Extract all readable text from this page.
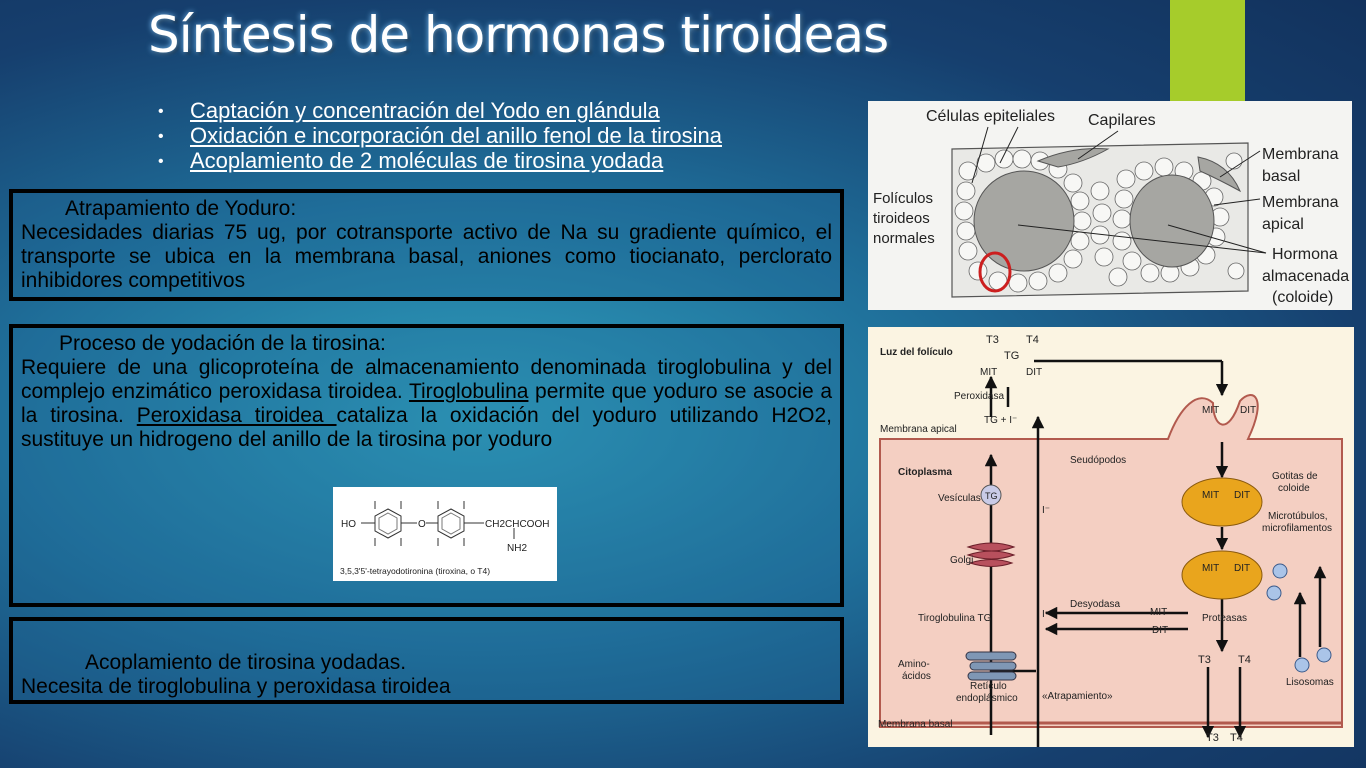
Síntesis de hormonas tiroideas
• Captación y concentración del Yodo en glándula
• Oxidación e incorporación del anillo fenol de la tirosina
• Acoplamiento de 2 moléculas de tirosina yodada
Atrapamiento de Yoduro:

Necesidades diarias 75 ug, por cotransporte activo de Na su gradiente químico, el transporte se ubica en la membrana basal, aniones como tiocianato, perclorato inhibidores competitivos

Proceso de yodación de la tirosina:

Requiere de una glicoproteína de almacenamiento denominada tiroglobulina y del complejo enzimático peroxidasa tiroidea. Tiroglobulina permite que yoduro se asocie a la tirosina. Peroxidasa tiroidea cataliza la oxidación del yoduro utilizando H2O2, sustituye un hidrogeno del anillo de la tirosina por yoduro

HO	O	CH2CHCOOH
NH2
3,5,3'5'-tetrayodotironina (tiroxina, o T4)
Acoplamiento de tirosina yodadas.

Necesita de tiroglobulina y peroxidasa tiroidea

Células epiteliales Capilares
Folículos
tiroideos
normales
Membrana
basal
Membrana
apical
Hormona
almacenada
(coloide)
Luz del folículo
T3 T4
TG
MIT	DIT
Peroxidasa
TG + I⁻
Membrana apical
Seudópodos
MIT DIT
Citoplasma
Vesículas TG
Golgi
Gotitas de
coloide
Microtúbulos,
microfilamentos
MIT DIT
MIT DIT
Desyodasa
MIT
DIT
Tiroglobulina TG	Proteasas
Amino-
ácidos
Retículo
endoplásmico «Atrapamiento»
Lisosomas
Membrana basal
T3 T4
T3 T4
I⁻
I⁻
